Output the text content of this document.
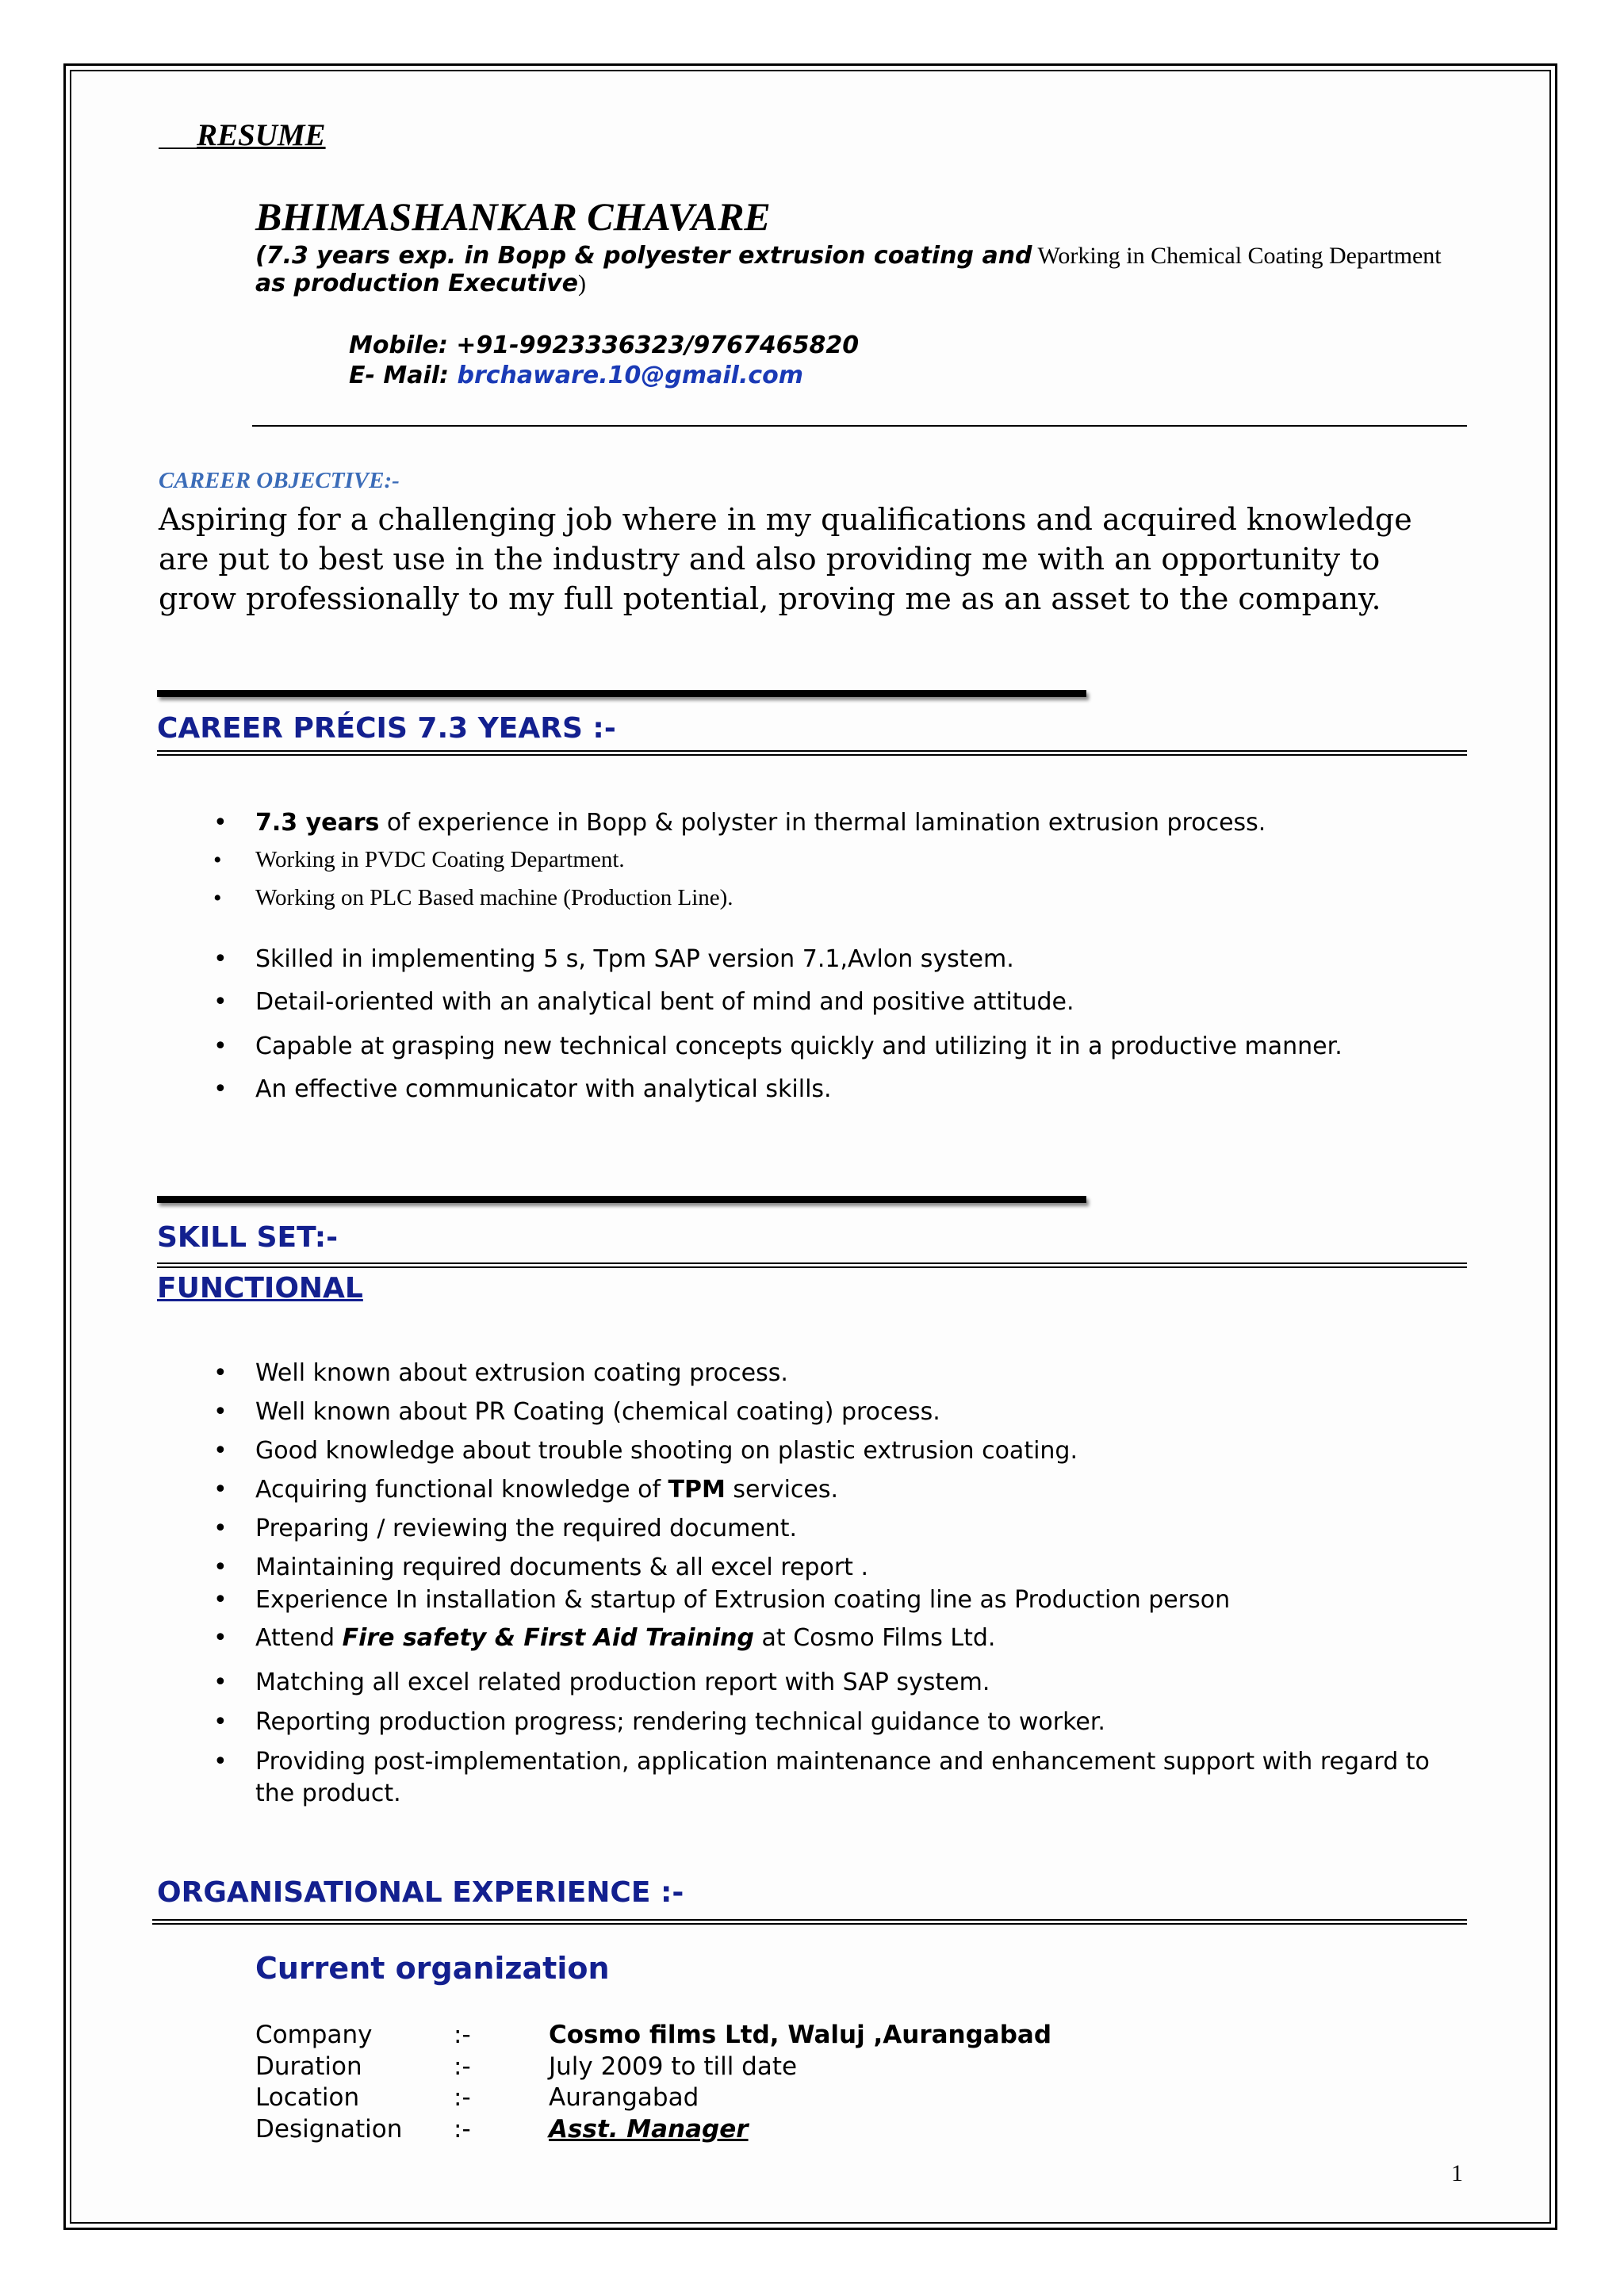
RESUME
BHIMASHANKAR CHAVARE
(7.3 years exp. in Bopp & polyester extrusion coating and Working in Chemical Coating Department
as production Executive)
Mobile: +91-9923336323/9767465820
E- Mail: brchaware.10@gmail.com
CAREER OBJECTIVE:-
Aspiring for a challenging job where in my qualifications and acquired knowledge are put to best use in the industry and also providing me with an opportunity to grow professionally to my full potential, proving me as an asset to the company.
CAREER PRÉCIS 7.3 YEARS :-
• 7.3 years of experience in Bopp & polyster in thermal lamination extrusion process.
• Working in PVDC Coating Department.
• Working on PLC Based machine (Production Line).
• Skilled in implementing 5 s, Tpm SAP version 7.1,Avlon system.
• Detail-oriented with an analytical bent of mind and positive attitude.
• Capable at grasping new technical concepts quickly and utilizing it in a productive manner.
• An effective communicator with analytical skills.
SKILL SET:-
FUNCTIONAL
• Well known about extrusion coating process.
• Well known about PR Coating (chemical coating) process.
• Good knowledge about trouble shooting on plastic extrusion coating.
• Acquiring functional knowledge of TPM services.
• Preparing / reviewing the required document.
• Maintaining required documents & all excel report .
• Experience In installation & startup of Extrusion coating line as Production person
• Attend Fire safety & First Aid Training at Cosmo Films Ltd.
• Matching all excel related production report with SAP system.
• Reporting production progress; rendering technical guidance to worker.
• Providing post-implementation, application maintenance and enhancement support with regard to
the product.
ORGANISATIONAL EXPERIENCE :-
Current organization
Company	:-	Cosmo films Ltd, Waluj ,Aurangabad
Duration	:-	July 2009 to till date
Location	:-	Aurangabad
Designation :-	Asst. Manager
1
